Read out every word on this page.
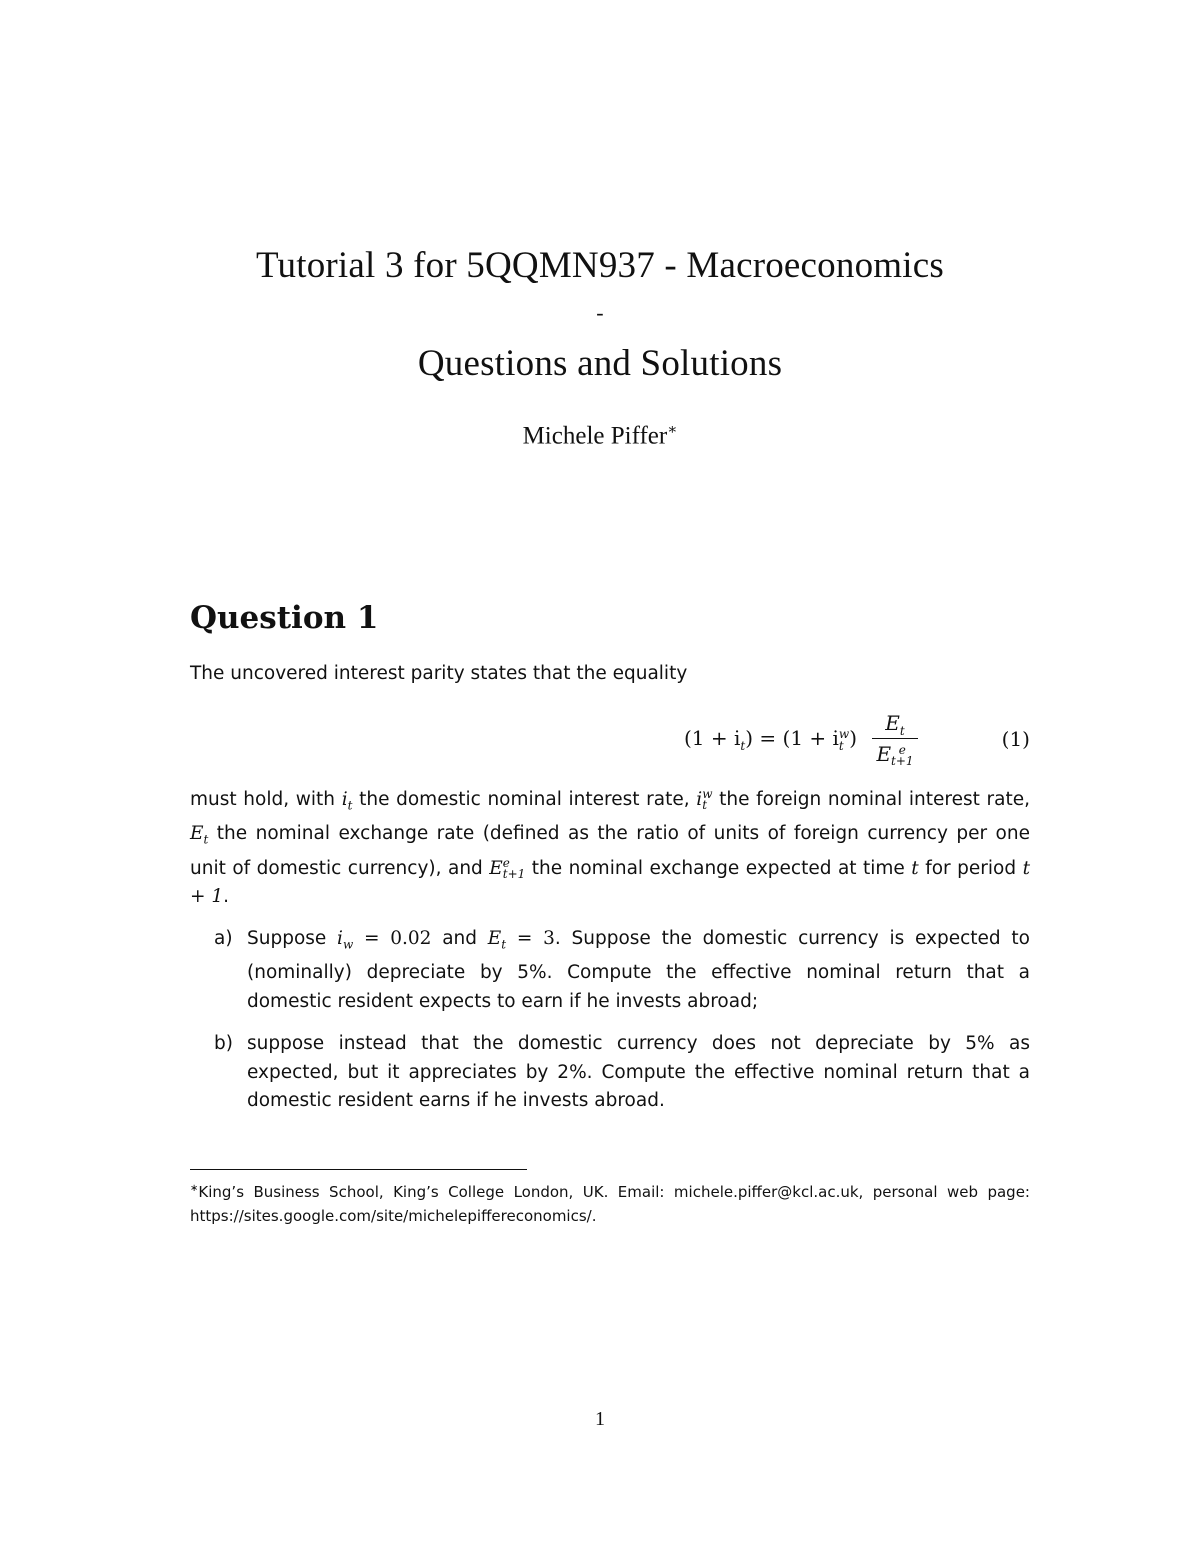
Tutorial 3 for 5QQMN937 - Macroeconomics
-
Questions and Solutions
Michele Piffer∗
Question 1
The uncovered interest parity states that the equality
$(1 + i_t) = (1 + i$ w
t )
$E_t$
E e
t+1
(1)
must hold, with $i_t$ the domestic nominal interest rate, i w
t the foreign nominal interest rate, $E_t$ the nominal exchange rate (defined as the ratio of units of foreign currency per one unit of domestic currency), and E e
t+1 the nominal exchange expected at time t for period t + 1.
a) Suppose $i_w = 0.02$ and $E_t = 3$. Suppose the domestic currency is expected to (nominally) depreciate by 5%. Compute the effective nominal return that a domestic resident expects to earn if he invests abroad;
b) suppose instead that the domestic currency does not depreciate by 5% as expected, but it appreciates by 2%. Compute the effective nominal return that a domestic resident earns if he invests abroad.
∗King’s Business School, King’s College London, UK. Email: michele.piffer@kcl.ac.uk, personal web page: https://sites.google.com/site/michelepiffereconomics/.
1
